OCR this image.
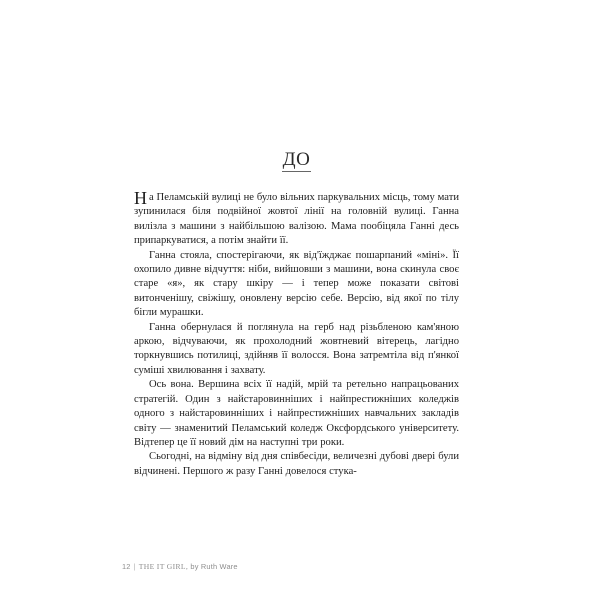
ДО

На Пеламській вулиці не було вільних паркувальних місць, тому мати зупинилася біля подвійної жовтої лінії на головній вулиці. Ганна вилізла з машини з найбільшою валізою. Мама пообіцяла Ганні десь припаркуватися, а потім знайти її.

Ганна стояла, спостерігаючи, як від'їжджає пошарпаний «міні». Її охопило дивне відчуття: ніби, вийшовши з машини, вона скинула своє старе «я», як стару шкіру — і тепер може показати світові витонченішу, свіжішу, оновлену версію себе. Версію, від якої по тілу бігли мурашки.

Ганна обернулася й поглянула на герб над різьбленою кам'яною аркою, відчуваючи, як прохолодний жовтневий вітерець, лагідно торкнувшись потилиці, здійняв її волосся. Вона затремтіла від п'янкої суміші хвилювання і захвату.

Ось вона. Вершина всіх її надій, мрій та ретельно напрацьованих стратегій. Один з найстаровинніших і найпрестижніших коледжів одного з найстаровинніших і найпрестижніших навчальних закладів світу — знаменитий Пеламський коледж Оксфордського університету. Відтепер це її новий дім на наступні три роки.

Сьогодні, на відміну від дня співбесіди, величезні дубові двері були відчинені. Першого ж разу Ганні довелося стука-

12 | THE IT GIRL, by Ruth Ware
